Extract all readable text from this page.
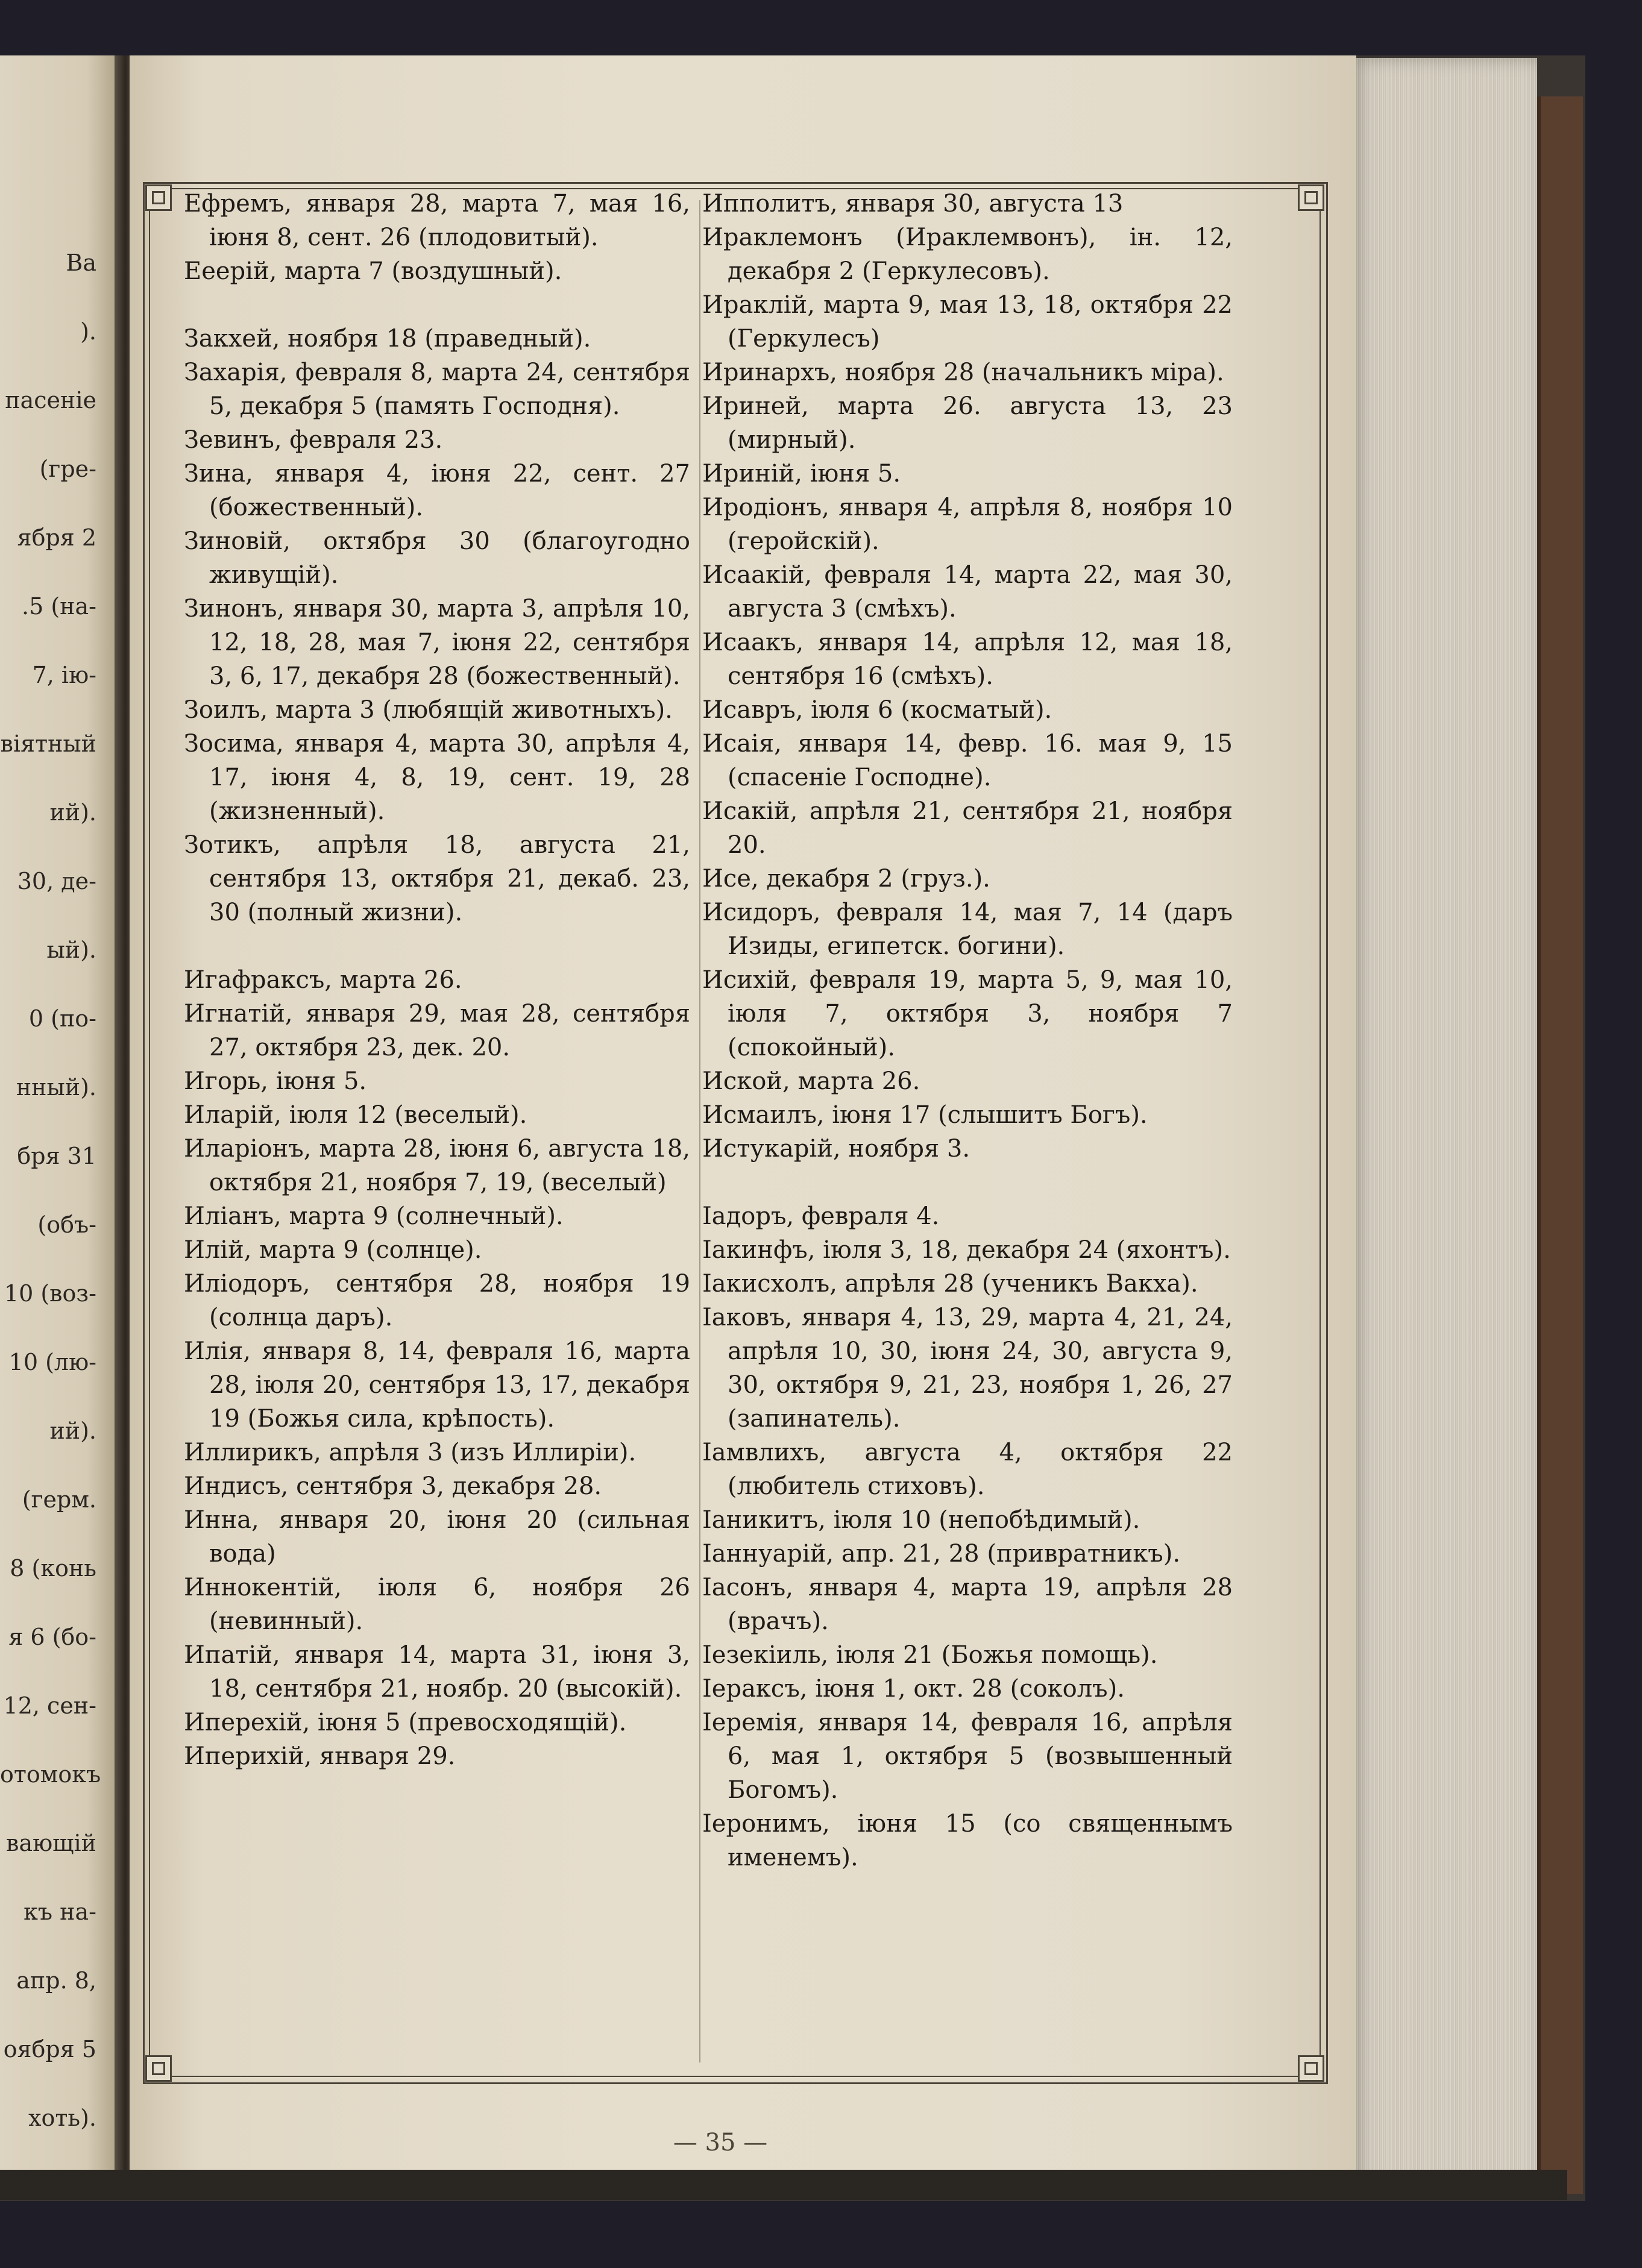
Ва
).
пасеніе
(гре-
ября 2
.5 (на-
7, ію-
віятный
ий).
30, де-
ый).
0 (по-
нный).
бря 31
(объ-
10 (воз-
10 (лю-
ий).
(герм.
8 (конь
я 6 (бо-
12, сен-
отомокъ
вающій
къ на-
апр. 8,
оября 5
хоть).
Ефремъ, января 28, марта 7, мая 16, іюня 8, сент. 26 (плодовитый).
Ееерій, марта 7 (воздушный).
Закхей, ноября 18 (праведный).
Захарія, февраля 8, марта 24, сентября 5, декабря 5 (память Господня).
Зевинъ, февраля 23.
Зина, января 4, іюня 22, сент. 27 (божественный).
Зиновій, октября 30 (благоугодно живущій).
Зинонъ, января 30, марта 3, апрѣля 10, 12, 18, 28, мая 7, іюня 22, сентября 3, 6, 17, декабря 28 (божественный).
Зоилъ, марта 3 (любящій животныхъ).
Зосима, января 4, марта 30, апрѣля 4, 17, іюня 4, 8, 19, сент. 19, 28 (жизненный).
Зотикъ, апрѣля 18, августа 21, сентября 13, октября 21, декаб. 23, 30 (полный жизни).
Игафраксъ, марта 26.
Игнатій, января 29, мая 28, сентября 27, октября 23, дек. 20.
Игорь, іюня 5.
Иларій, іюля 12 (веселый).
Иларіонъ, марта 28, іюня 6, августа 18, октября 21, ноября 7, 19, (веселый)
Иліанъ, марта 9 (солнечный).
Илій, марта 9 (солнце).
Иліодоръ, сентября 28, ноября 19 (солнца даръ).
Илія, января 8, 14, февраля 16, марта 28, іюля 20, сентября 13, 17, декабря 19 (Божья сила, крѣпость).
Иллирикъ, апрѣля 3 (изъ Иллиріи).
Индисъ, сентября 3, декабря 28.
Инна, января 20, іюня 20 (сильная вода)
Иннокентій, іюля 6, ноября 26 (невинный).
Ипатій, января 14, марта 31, іюня 3, 18, сентября 21, ноябр. 20 (высокій).
Иперехій, іюня 5 (превосходящій).
Иперихій, января 29.
Ипполитъ, января 30, августа 13
Ираклемонъ (Ираклемвонъ), ін. 12, декабря 2 (Геркулесовъ).
Ираклій, марта 9, мая 13, 18, октября 22 (Геркулесъ)
Иринархъ, ноября 28 (начальникъ міра).
Ириней, марта 26. августа 13, 23 (мирный).
Ириній, іюня 5.
Иродіонъ, января 4, апрѣля 8, ноября 10 (геройскій).
Исаакій, февраля 14, марта 22, мая 30, августа 3 (смѣхъ).
Исаакъ, января 14, апрѣля 12, мая 18, сентября 16 (смѣхъ).
Исавръ, іюля 6 (косматый).
Исаія, января 14, февр. 16. мая 9, 15 (спасеніе Господне).
Исакій, апрѣля 21, сентября 21, ноября 20.
Исе, декабря 2 (груз.).
Исидоръ, февраля 14, мая 7, 14 (даръ Изиды, египетск. богини).
Исихій, февраля 19, марта 5, 9, мая 10, іюля 7, октября 3, ноября 7 (спокойный).
Иской, марта 26.
Исмаилъ, іюня 17 (слышитъ Богъ).
Истукарій, ноября 3.
Іадоръ, февраля 4.
Іакинфъ, іюля 3, 18, декабря 24 (яхонтъ).
Іакисхолъ, апрѣля 28 (ученикъ Вакха).
Іаковъ, января 4, 13, 29, марта 4, 21, 24, апрѣля 10, 30, іюня 24, 30, августа 9, 30, октября 9, 21, 23, ноября 1, 26, 27 (запинатель).
Іамвлихъ, августа 4, октября 22 (любитель стиховъ).
Іаникитъ, іюля 10 (непобѣдимый).
Іаннуарій, апр. 21, 28 (привратникъ).
Іасонъ, января 4, марта 19, апрѣля 28 (врачъ).
Іезекіиль, іюля 21 (Божья помощь).
Іераксъ, іюня 1, окт. 28 (соколъ).
Іеремія, января 14, февраля 16, апрѣля 6, мая 1, октября 5 (возвышенный Богомъ).
Іеронимъ, іюня 15 (со священнымъ именемъ).
— 35 —
